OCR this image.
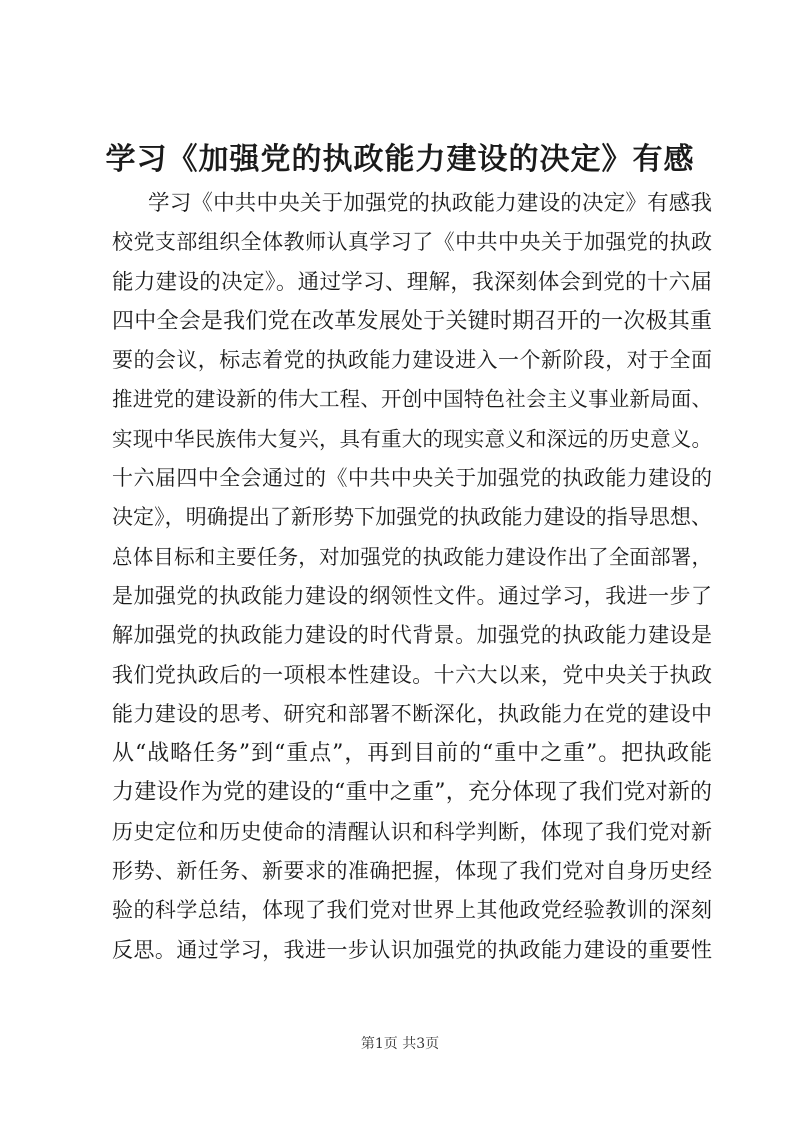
学习《加强党的执政能力建设的决定》有感
学习《中共中央关于加强党的执政能力建设的决定》有感我
校党支部组织全体教师认真学习了《中共中央关于加强党的执政
能力建设的决定》。通过学习、理解，我深刻体会到党的十六届
四中全会是我们党在改革发展处于关键时期召开的一次极其重
要的会议，标志着党的执政能力建设进入一个新阶段，对于全面
推进党的建设新的伟大工程、开创中国特色社会主义事业新局面、
实现中华民族伟大复兴，具有重大的现实意义和深远的历史意义。
十六届四中全会通过的《中共中央关于加强党的执政能力建设的
决定》，明确提出了新形势下加强党的执政能力建设的指导思想、
总体目标和主要任务，对加强党的执政能力建设作出了全面部署，
是加强党的执政能力建设的纲领性文件。通过学习，我进一步了
解加强党的执政能力建设的时代背景。加强党的执政能力建设是
我们党执政后的一项根本性建设。十六大以来，党中央关于执政
能力建设的思考、研究和部署不断深化，执政能力在党的建设中
从“战略任务”到“重点”，再到目前的“重中之重”。把执政能
力建设作为党的建设的“重中之重”，充分体现了我们党对新的
历史定位和历史使命的清醒认识和科学判断，体现了我们党对新
形势、新任务、新要求的准确把握，体现了我们党对自身历史经
验的科学总结，体现了我们党对世界上其他政党经验教训的深刻
反思。通过学习，我进一步认识加强党的执政能力建设的重要性
第1页 共3页
